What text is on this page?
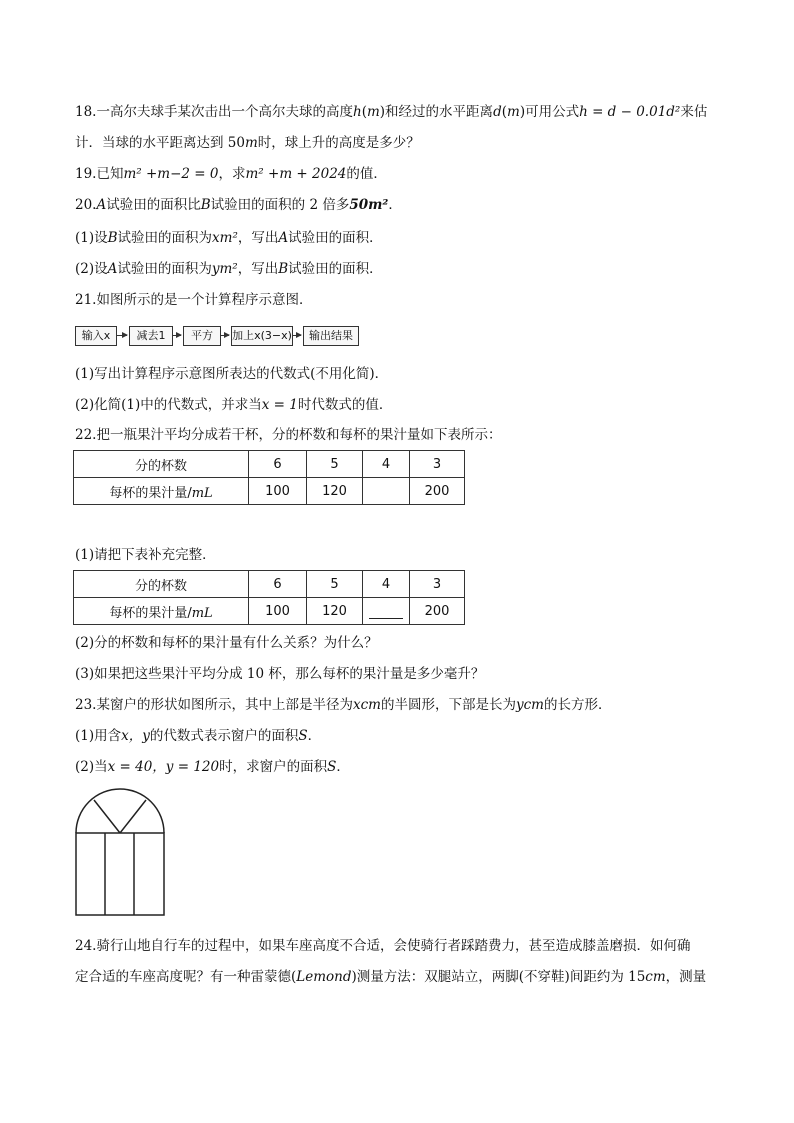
18.一高尔夫球手某次击出一个高尔夫球的高度h(m)和经过的水平距离d(m)可用公式h = d − 0.01d²来估
计．当球的水平距离达到 50m时，球上升的高度是多少？
19.已知m² +m−2 = 0，求m² +m + 2024的值．
20.A试验田的面积比B试验田的面积的 2 倍多50m²．
(1)设B试验田的面积为xm²，写出A试验田的面积．
(2)设A试验田的面积为ym²，写出B试验田的面积．
21.如图所示的是一个计算程序示意图．
输入x	减去1	平方	加上x(3−x)	输出结果
(1)写出计算程序示意图所表达的代数式(不用化简)．
(2)化简(1)中的代数式，并求当x = 1时代数式的值．
22.把一瓶果汁平均分成若干杯，分的杯数和每杯的果汁量如下表所示：
分的杯数	6	5	4	3
每杯的果汁量/mL	100	120		200
(1)请把下表补充完整．
分的杯数	6	5	4	3
每杯的果汁量/mL	100	120		200
(2)分的杯数和每杯的果汁量有什么关系？为什么？
(3)如果把这些果汁平均分成 10 杯，那么每杯的果汁量是多少毫升？
23.某窗户的形状如图所示，其中上部是半径为xcm的半圆形，下部是长为ycm的长方形．
(1)用含x，y的代数式表示窗户的面积S．
(2)当x = 40，y = 120时，求窗户的面积S．
24.骑行山地自行车的过程中，如果车座高度不合适，会使骑行者踩踏费力，甚至造成膝盖磨损．如何确
定合适的车座高度呢？有一种雷蒙德(Lemond)测量方法：双腿站立，两脚(不穿鞋)间距约为 15cm，测量
